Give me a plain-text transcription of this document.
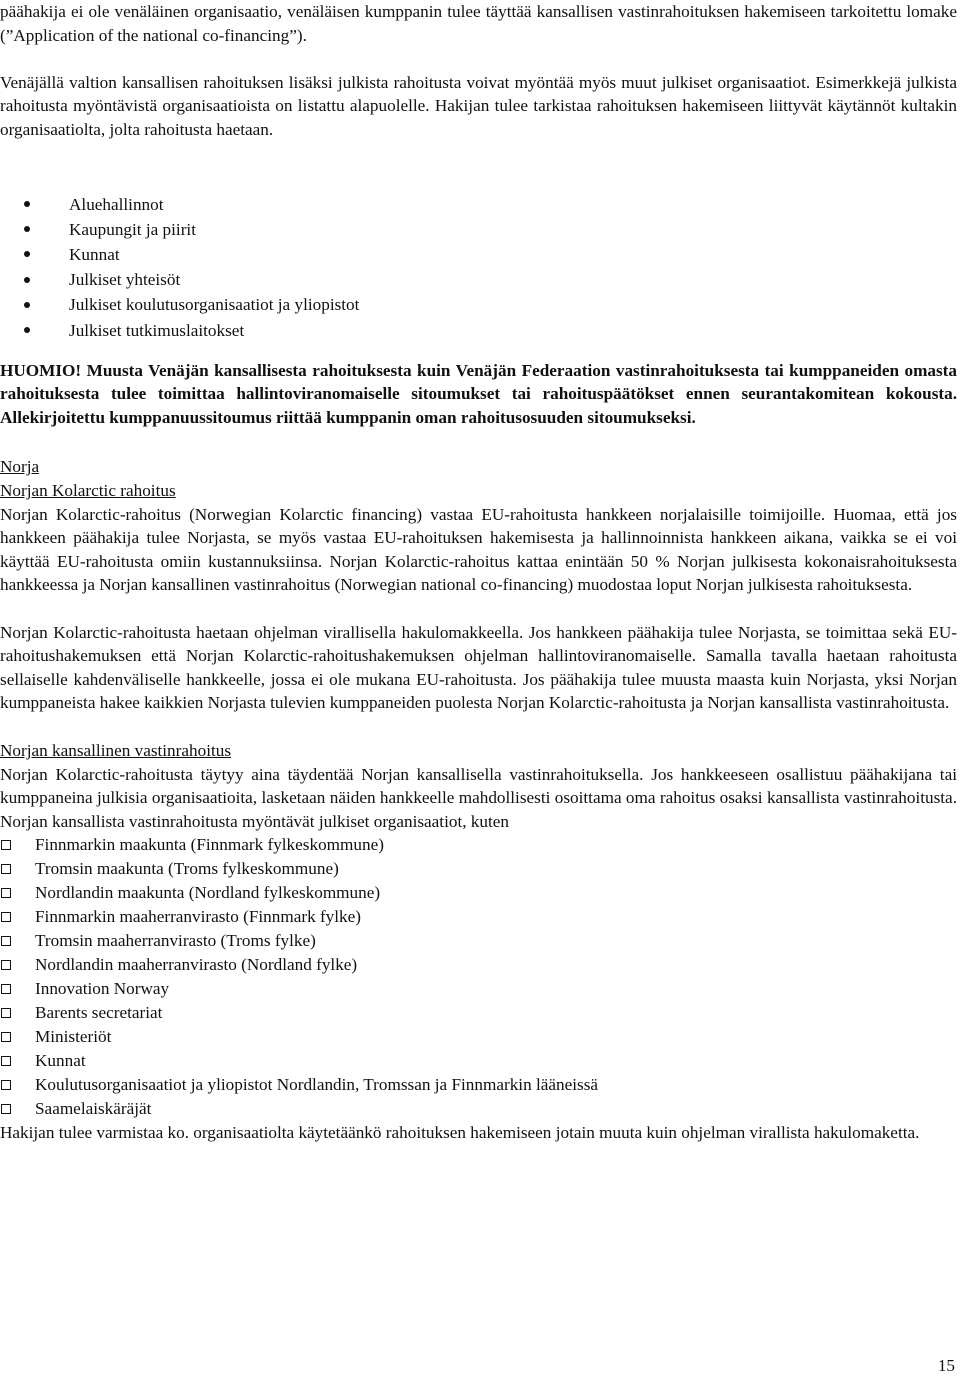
päähakija ei ole venäläinen organisaatio, venäläisen kumppanin tulee täyttää kansallisen vastinrahoituksen hakemiseen tarkoitettu lomake (”Application of the national co-financing”).

Venäjällä valtion kansallisen rahoituksen lisäksi julkista rahoitusta voivat myöntää myös muut julkiset organisaatiot. Esimerkkejä julkista rahoitusta myöntävistä organisaatioista on listattu alapuolelle. Hakijan tulee tarkistaa rahoituksen hakemiseen liittyvät käytännöt kultakin organisaatiolta, jolta rahoitusta haetaan.

Aluehallinnot
Kaupungit ja piirit
Kunnat
Julkiset yhteisöt
Julkiset koulutusorganisaatiot ja yliopistot
Julkiset tutkimuslaitokset

HUOMIO! Muusta Venäjän kansallisesta rahoituksesta kuin Venäjän Federaation vastinrahoituksesta tai kumppaneiden omasta rahoituksesta tulee toimittaa hallintoviranomaiselle sitoumukset tai rahoituspäätökset ennen seurantakomitean kokousta. Allekirjoitettu kumppanuussitoumus riittää kumppanin oman rahoitusosuuden sitoumukseksi.

Norja

Norjan Kolarctic rahoitus

Norjan Kolarctic-rahoitus (Norwegian Kolarctic financing) vastaa EU-rahoitusta hankkeen norjalaisille toimijoille. Huomaa, että jos hankkeen päähakija tulee Norjasta, se myös vastaa EU-rahoituksen hakemisesta ja hallinnoinnista hankkeen aikana, vaikka se ei voi käyttää EU-rahoitusta omiin kustannuksiinsa. Norjan Kolarctic-rahoitus kattaa enintään 50 % Norjan julkisesta kokonaisrahoituksesta hankkeessa ja Norjan kansallinen vastinrahoitus (Norwegian national co-financing) muodostaa loput Norjan julkisesta rahoituksesta.

Norjan Kolarctic-rahoitusta haetaan ohjelman virallisella hakulomakkeella. Jos hankkeen päähakija tulee Norjasta, se toimittaa sekä EU-rahoitushakemuksen että Norjan Kolarctic-rahoitushakemuksen ohjelman hallintoviranomaiselle. Samalla tavalla haetaan rahoitusta sellaiselle kahdenväliselle hankkeelle, jossa ei ole mukana EU-rahoitusta. Jos päähakija tulee muusta maasta kuin Norjasta, yksi Norjan kumppaneista hakee kaikkien Norjasta tulevien kumppaneiden puolesta Norjan Kolarctic-rahoitusta ja Norjan kansallista vastinrahoitusta.

Norjan kansallinen vastinrahoitus

Norjan Kolarctic-rahoitusta täytyy aina täydentää Norjan kansallisella vastinrahoituksella. Jos hankkeeseen osallistuu päähakijana tai kumppaneina julkisia organisaatioita, lasketaan näiden hankkeelle mahdollisesti osoittama oma rahoitus osaksi kansallista vastinrahoitusta. Norjan kansallista vastinrahoitusta myöntävät julkiset organisaatiot, kuten

Finnmarkin maakunta (Finnmark fylkeskommune)
Tromsin maakunta (Troms fylkeskommune)
Nordlandin maakunta (Nordland fylkeskommune)
Finnmarkin maaherranvirasto (Finnmark fylke)
Tromsin maaherranvirasto (Troms fylke)
Nordlandin maaherranvirasto (Nordland fylke)
Innovation Norway
Barents secretariat
Ministeriöt
Kunnat
Koulutusorganisaatiot ja yliopistot Nordlandin, Tromssan ja Finnmarkin lääneissä
Saamelaiskäräjät

Hakijan tulee varmistaa ko. organisaatiolta käytetäänkö rahoituksen hakemiseen jotain muuta kuin ohjelman virallista hakulomaketta.

15
